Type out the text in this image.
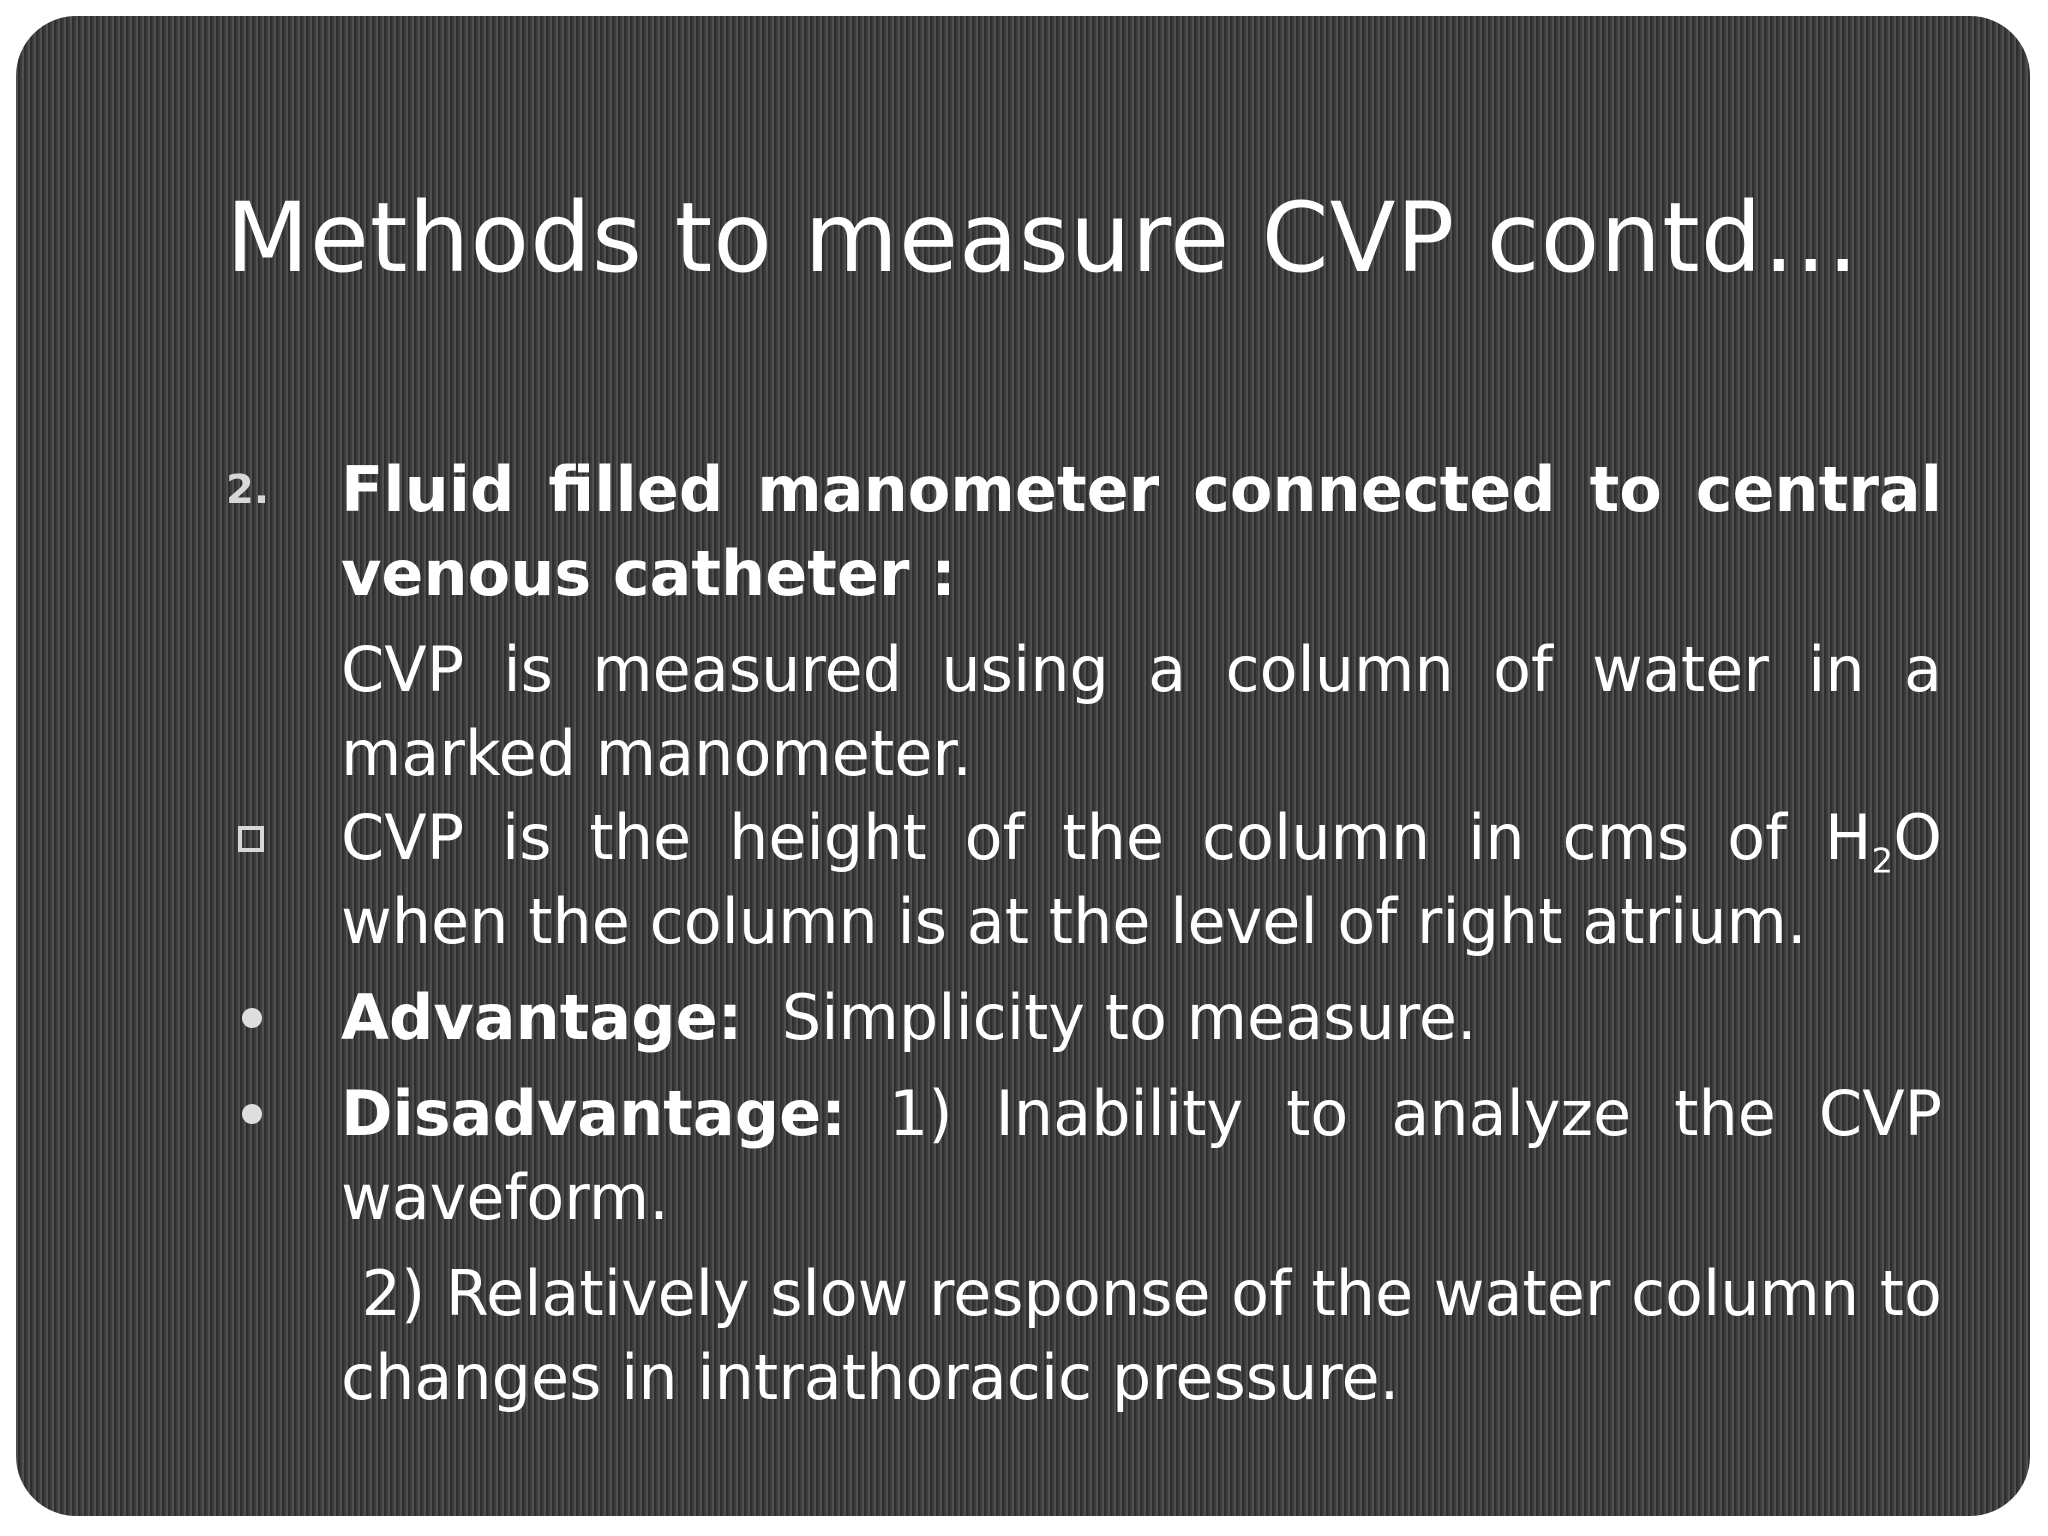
Methods to measure CVP contd…
2.	Fluid filled manometer connected to central venous catheter :
CVP is measured using a column of water in a marked manometer.
CVP is the height of the column in cms of $H_2O$ when the column is at the level of right atrium.
Advantage:  Simplicity to measure.
Disadvantage: 1) Inability to analyze the CVP waveform.
2) Relatively slow response of the water column to changes in intrathoracic pressure.
